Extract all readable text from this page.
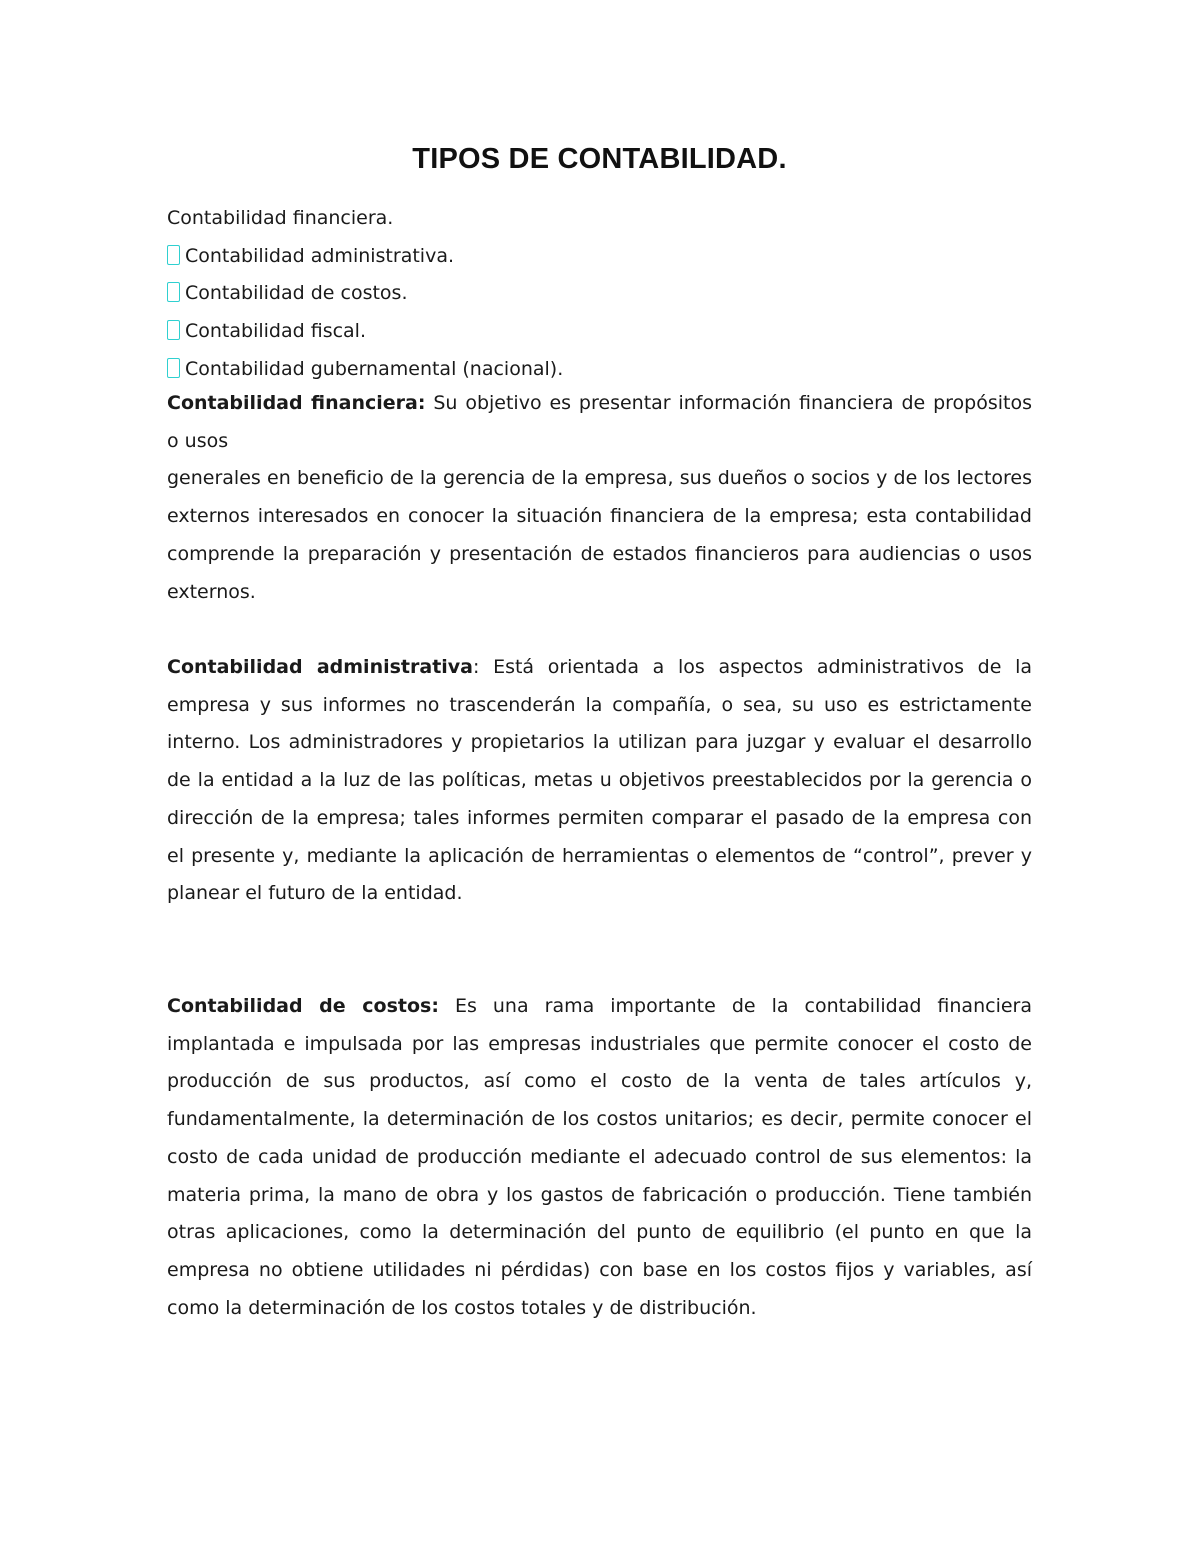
TIPOS DE CONTABILIDAD.
Contabilidad financiera.
Contabilidad administrativa.
Contabilidad de costos.
Contabilidad fiscal.
Contabilidad gubernamental (nacional).
Contabilidad financiera: Su objetivo es presentar información financiera de propósitos o usos
generales en beneficio de la gerencia de la empresa, sus dueños o socios y de los lectores externos interesados en conocer la situación financiera de la empresa; esta contabilidad comprende la preparación y presentación de estados financieros para audiencias o usos externos.
Contabilidad administrativa: Está orientada a los aspectos administrativos de la empresa y sus informes no trascenderán la compañía, o sea, su uso es estrictamente interno. Los administradores y propietarios la utilizan para juzgar y evaluar el desarrollo de la entidad a la luz de las políticas, metas u objetivos preestablecidos por la gerencia o dirección de la empresa; tales informes permiten comparar el pasado de la empresa con el presente y, mediante la aplicación de herramientas o elementos de “control”, prever y planear el futuro de la entidad.
Contabilidad de costos: Es una rama importante de la contabilidad financiera implantada e impulsada por las empresas industriales que permite conocer el costo de producción de sus productos, así como el costo de la venta de tales artículos y, fundamentalmente, la determinación de los costos unitarios; es decir, permite conocer el costo de cada unidad de producción mediante el adecuado control de sus elementos: la materia prima, la mano de obra y los gastos de fabricación o producción. Tiene también otras aplicaciones, como la determinación del punto de equilibrio (el punto en que la empresa no obtiene utilidades ni pérdidas) con base en los costos fijos y variables, así como la determinación de los costos totales y de distribución.
